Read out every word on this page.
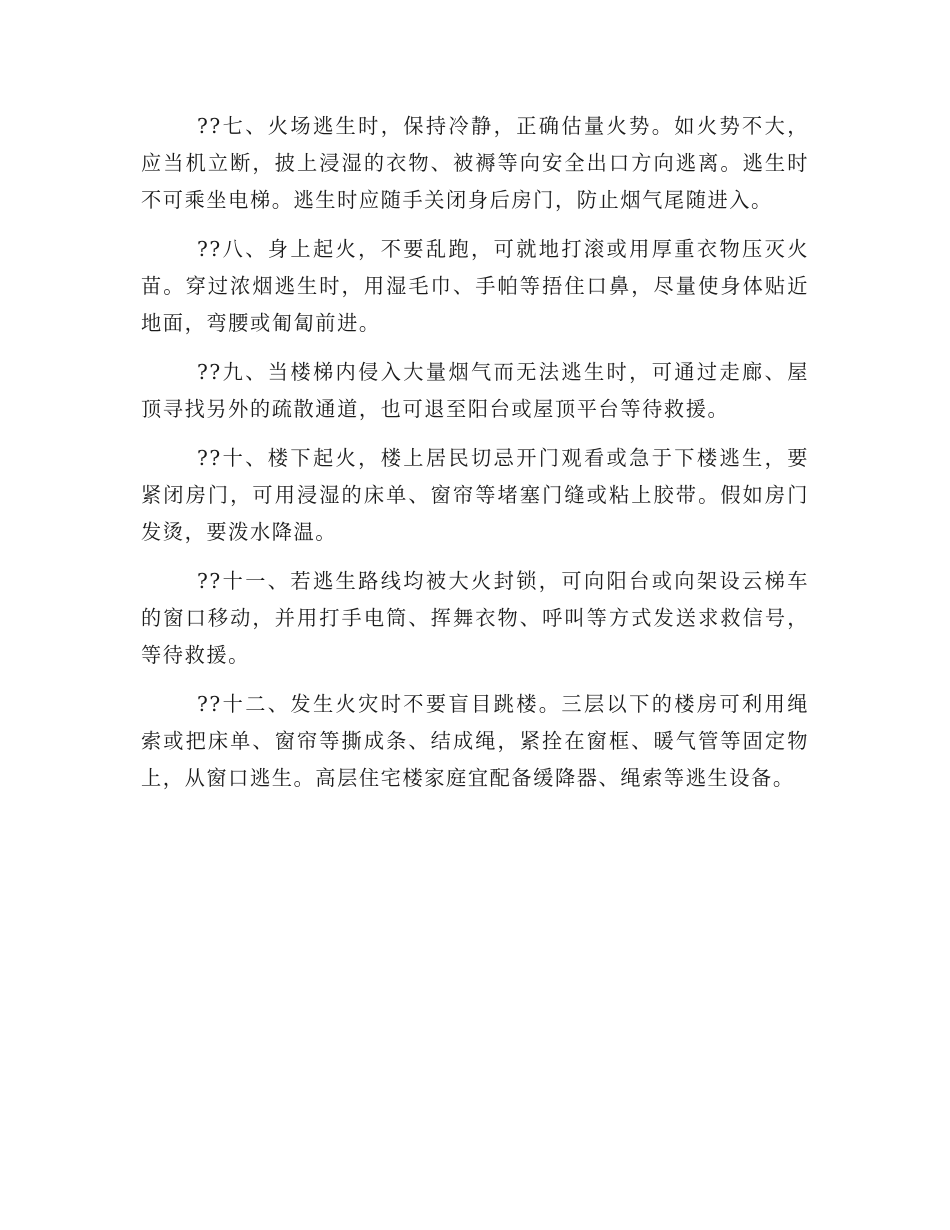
??七、火场逃生时，保持冷静，正确估量火势。如火势不大，应当机立断，披上浸湿的衣物、被褥等向安全出口方向逃离。逃生时不可乘坐电梯。逃生时应随手关闭身后房门，防止烟气尾随进入。

??八、身上起火，不要乱跑，可就地打滚或用厚重衣物压灭火苗。穿过浓烟逃生时，用湿毛巾、手帕等捂住口鼻，尽量使身体贴近地面，弯腰或匍匐前进。

??九、当楼梯内侵入大量烟气而无法逃生时，可通过走廊、屋顶寻找另外的疏散通道，也可退至阳台或屋顶平台等待救援。

??十、楼下起火，楼上居民切忌开门观看或急于下楼逃生，要紧闭房门，可用浸湿的床单、窗帘等堵塞门缝或粘上胶带。假如房门发烫，要泼水降温。

??十一、若逃生路线均被大火封锁，可向阳台或向架设云梯车的窗口移动，并用打手电筒、挥舞衣物、呼叫等方式发送求救信号，等待救援。

??十二、发生火灾时不要盲目跳楼。三层以下的楼房可利用绳索或把床单、窗帘等撕成条、结成绳，紧拴在窗框、暖气管等固定物上，从窗口逃生。高层住宅楼家庭宜配备缓降器、绳索等逃生设备。
